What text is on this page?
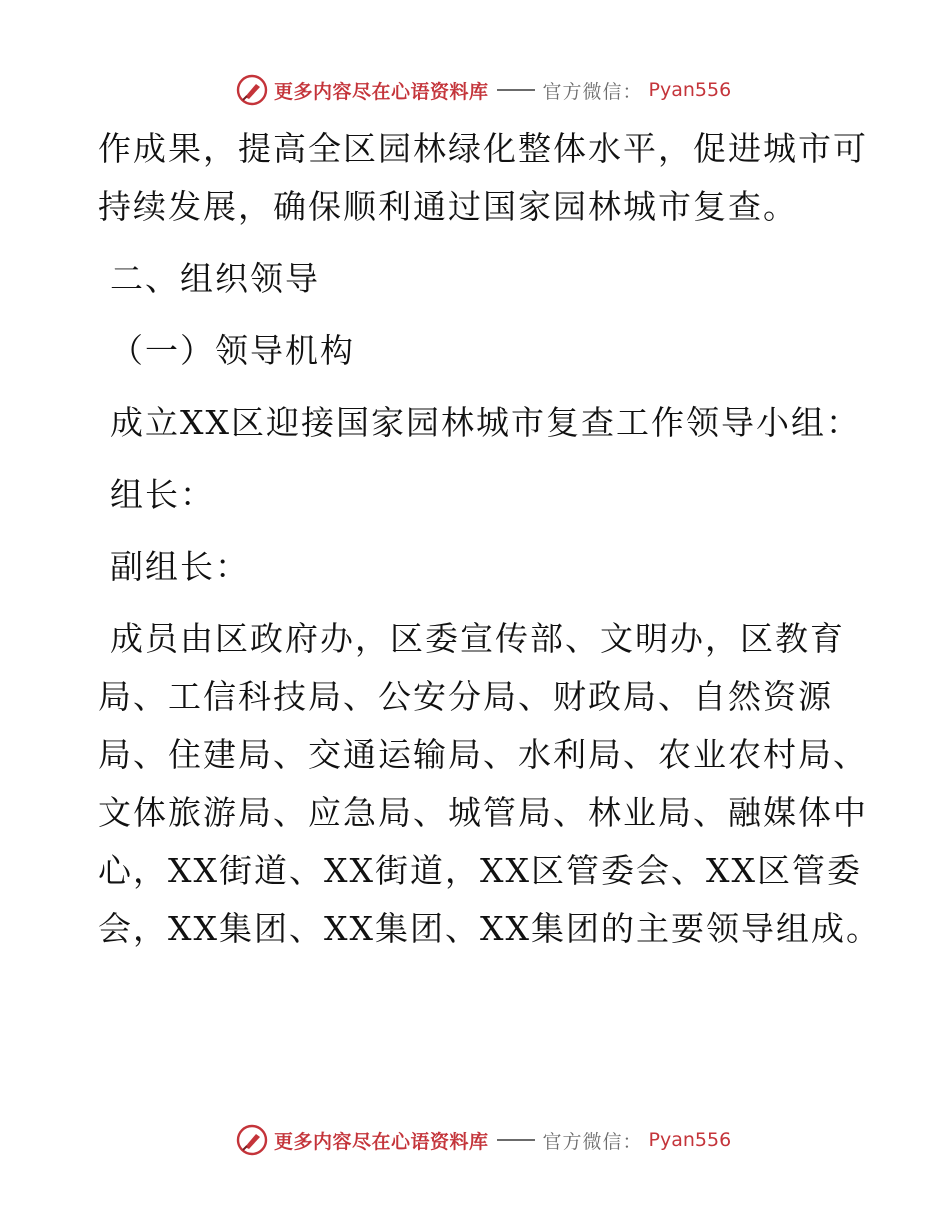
更多内容尽在心语资料库	官方微信： Pyan556
作成果，提高全区园林绿化整体水平，促进城市可
持续发展，确保顺利通过国家园林城市复查。
二、组织领导
（一）领导机构
成立XX区迎接国家园林城市复查工作领导小组：
组长：
副组长：
成员由区政府办，区委宣传部、文明办，区教育
局、工信科技局、公安分局、财政局、自然资源
局、住建局、交通运输局、水利局、农业农村局、
文体旅游局、应急局、城管局、林业局、融媒体中
心，XX街道、XX街道，XX区管委会、XX区管委
会，XX集团、XX集团、XX集团的主要领导组成。
更多内容尽在心语资料库	官方微信： Pyan556
